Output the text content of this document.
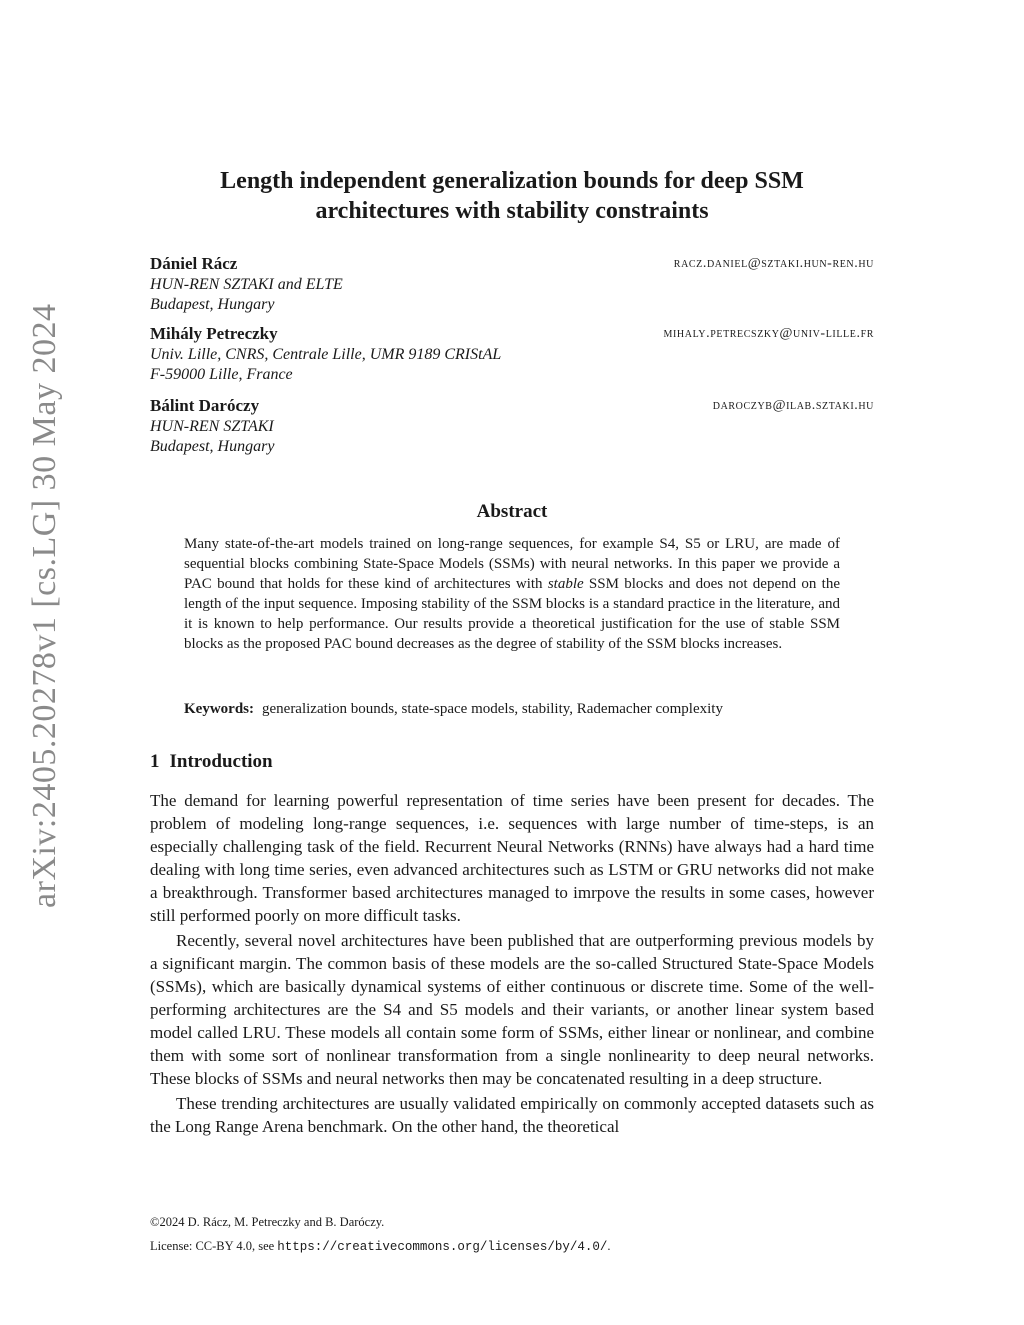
arXiv:2405.20278v1 [cs.LG] 30 May 2024
Length independent generalization bounds for deep SSM
architectures with stability constraints
Dániel Rácz	racz.daniel@sztaki.hun-ren.hu
HUN-REN SZTAKI and ELTE
Budapest, Hungary
Mihály Petreczky	mihaly.petrecszky@univ-lille.fr
Univ. Lille, CNRS, Centrale Lille, UMR 9189 CRIStAL
F-59000 Lille, France
Bálint Daróczy	daroczyb@ilab.sztaki.hu
HUN-REN SZTAKI
Budapest, Hungary
Abstract
Many state-of-the-art models trained on long-range sequences, for example S4, S5 or LRU, are made of sequential blocks combining State-Space Models (SSMs) with neural networks. In this paper we provide a PAC bound that holds for these kind of architectures with stable SSM blocks and does not depend on the length of the input sequence. Imposing stability of the SSM blocks is a standard practice in the literature, and it is known to help performance. Our results provide a theoretical justification for the use of stable SSM blocks as the proposed PAC bound decreases as the degree of stability of the SSM blocks increases.
Keywords: generalization bounds, state-space models, stability, Rademacher complexity
1 Introduction

The demand for learning powerful representation of time series have been present for decades. The problem of modeling long-range sequences, i.e. sequences with large number of time-steps, is an especially challenging task of the field. Recurrent Neural Networks (RNNs) have always had a hard time dealing with long time series, even advanced architectures such as LSTM or GRU networks did not make a breakthrough. Transformer based architectures managed to imrpove the results in some cases, however still performed poorly on more difficult tasks.

Recently, several novel architectures have been published that are outperforming previous models by a significant margin. The common basis of these models are the so-called Structured State-Space Models (SSMs), which are basically dynamical systems of either continuous or discrete time. Some of the well-performing architectures are the S4 and S5 models and their variants, or another linear system based model called LRU. These models all contain some form of SSMs, either linear or nonlinear, and combine them with some sort of nonlinear transformation from a single nonlinearity to deep neural networks. These blocks of SSMs and neural networks then may be concatenated resulting in a deep structure.

These trending architectures are usually validated empirically on commonly accepted datasets such as the Long Range Arena benchmark. On the other hand, the theoretical

©2024 D. Rácz, M. Petreczky and B. Daróczy.
License: CC-BY 4.0, see https://creativecommons.org/licenses/by/4.0/.
